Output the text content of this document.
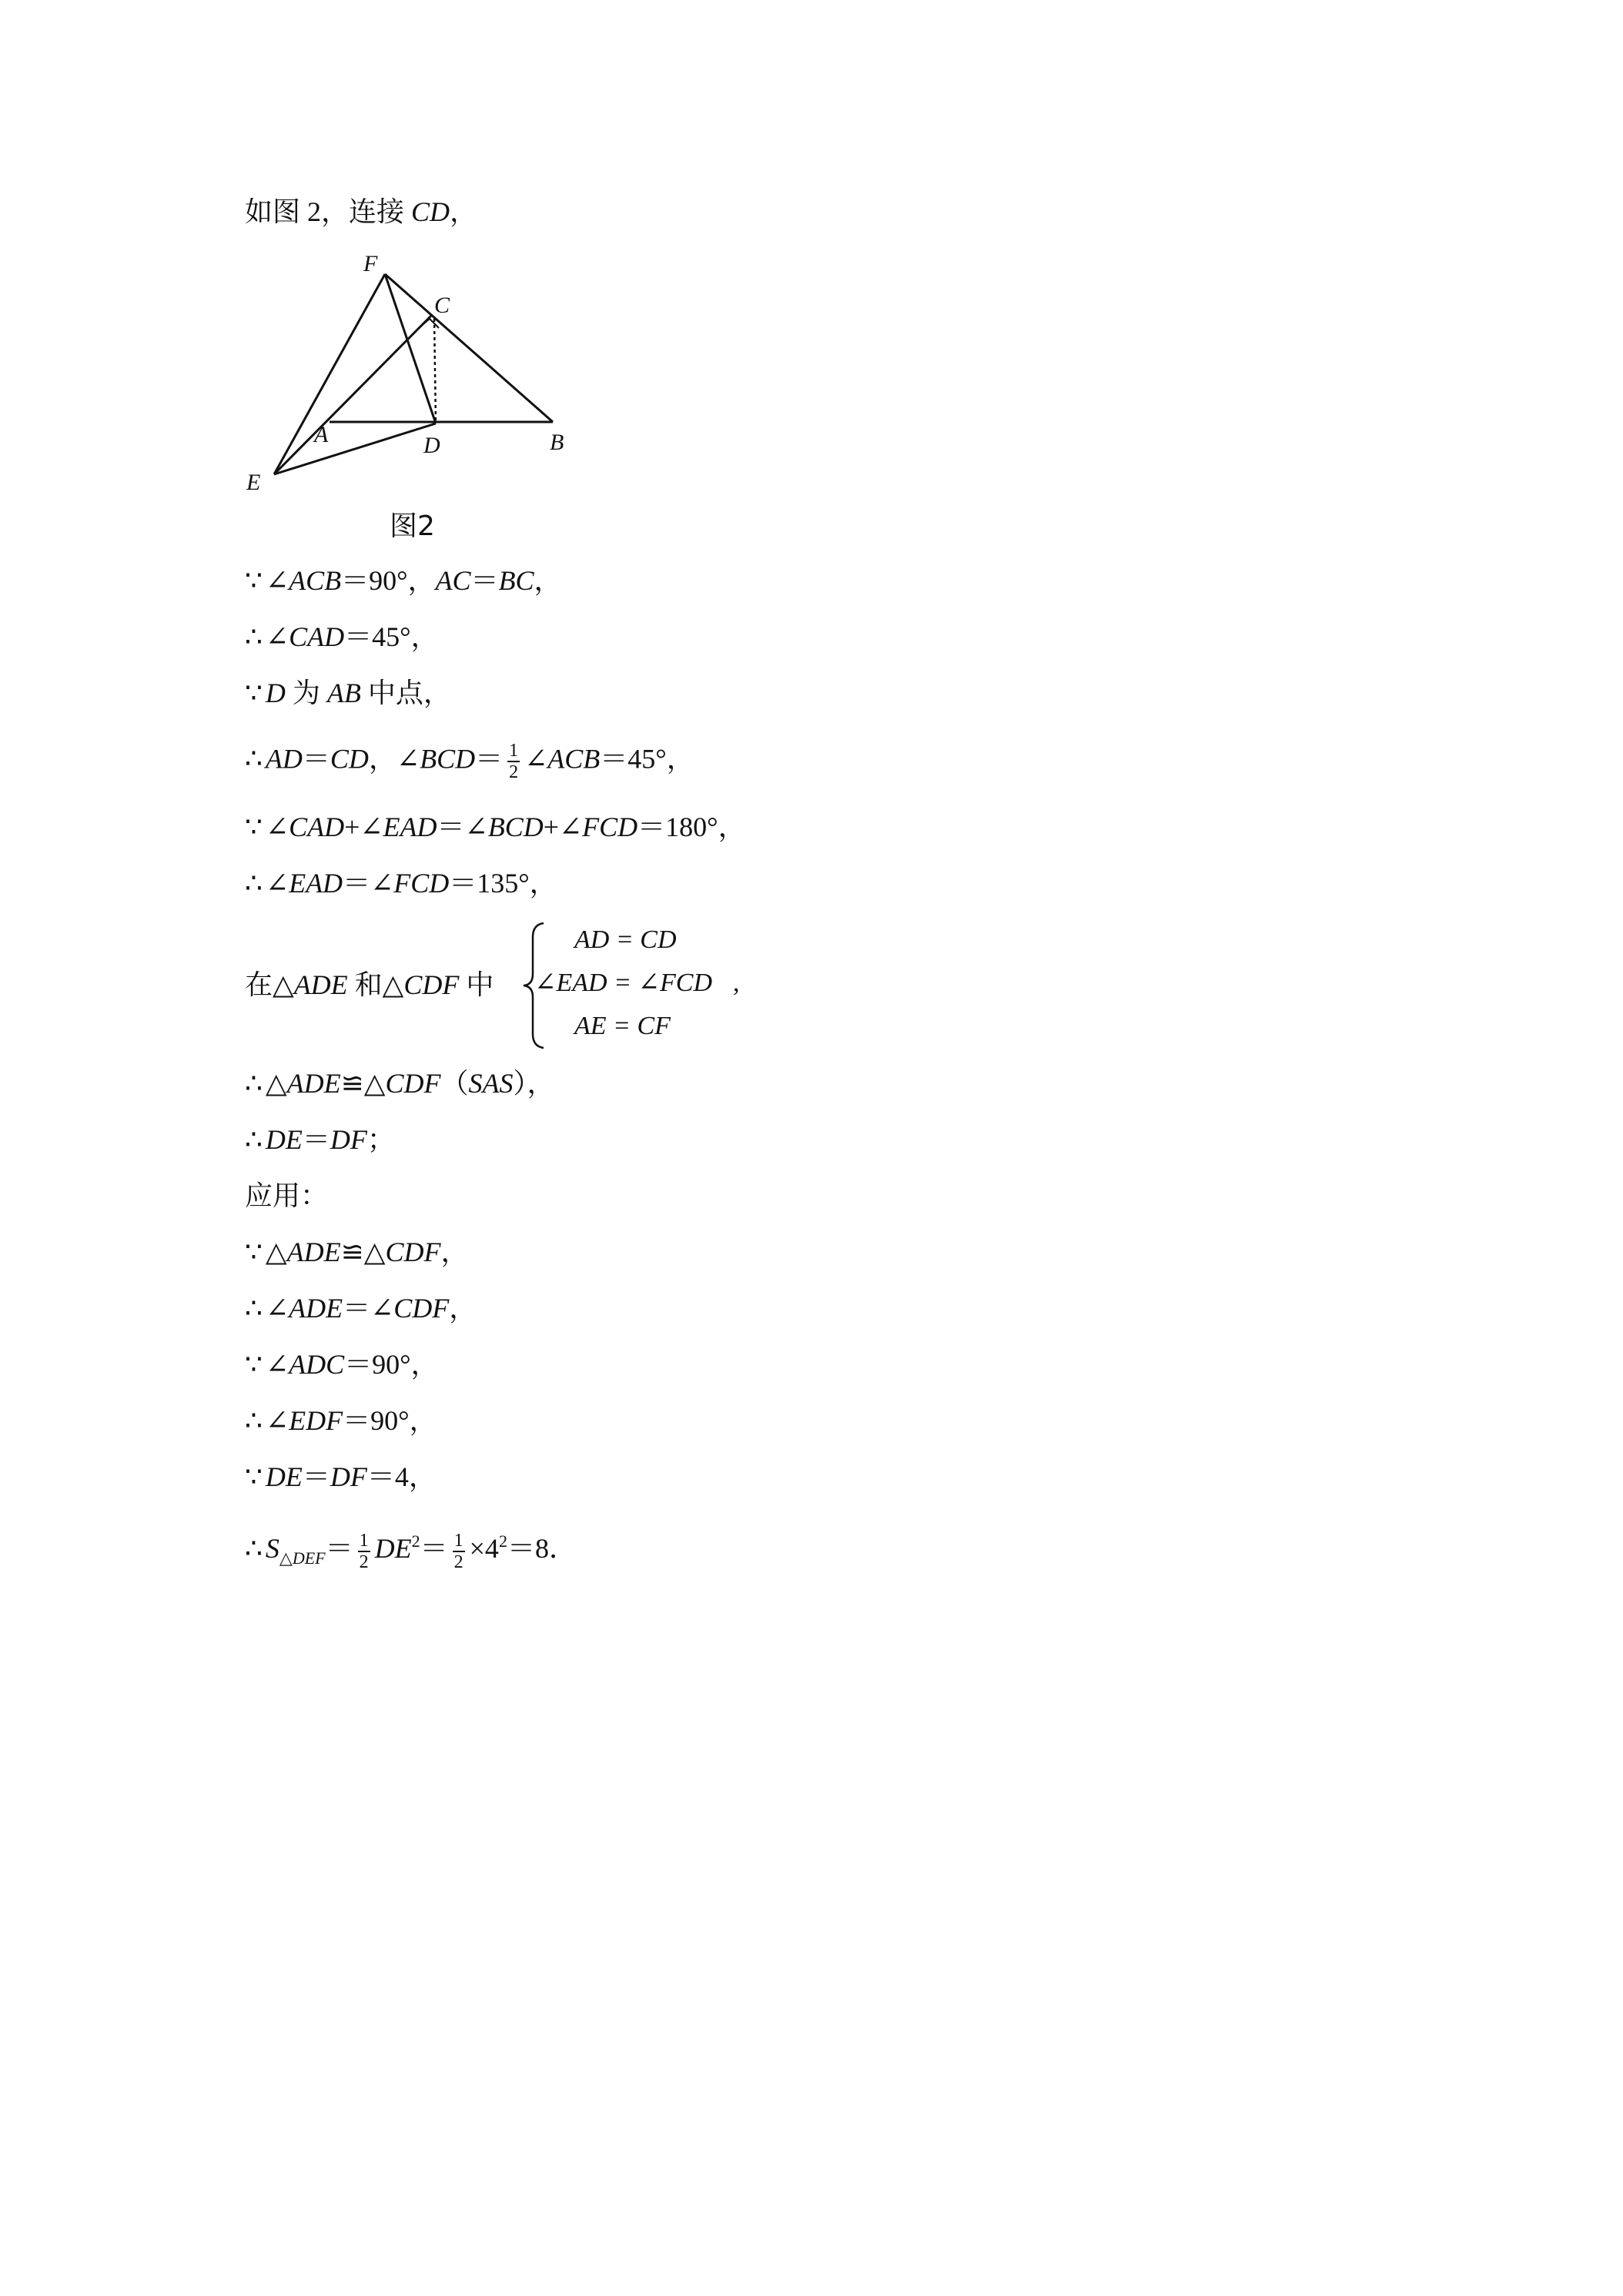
如图 2，连接 CD，
F
C
A	D	B
E
图2
∵ ∠ACB＝90°，AC＝BC，
∴ ∠CAD＝45°，
∵ D 为 AB 中点，
∴ AD＝CD，∠BCD＝ $\frac{1}{2}$ ∠ACB＝45°，
∵ ∠CAD+∠EAD＝∠BCD+∠FCD＝180°，
∴ ∠EAD＝∠FCD＝135°，
在△ADE 和△CDF 中
AD = CD
∠EAD = ∠FCD
AE = CF
,
∴ △ADE≌△CDF（SAS），
∴ DE＝DF；
应用：
∵ △ADE≌△CDF，
∴ ∠ADE＝∠CDF，
∵ ∠ADC＝90°，
∴ ∠EDF＝90°，
∵ DE＝DF＝4，
∴ $S_{\triangle DEF}= \frac{1}{2} DE^2= \frac{1}{2} \times 4^2=8$．
